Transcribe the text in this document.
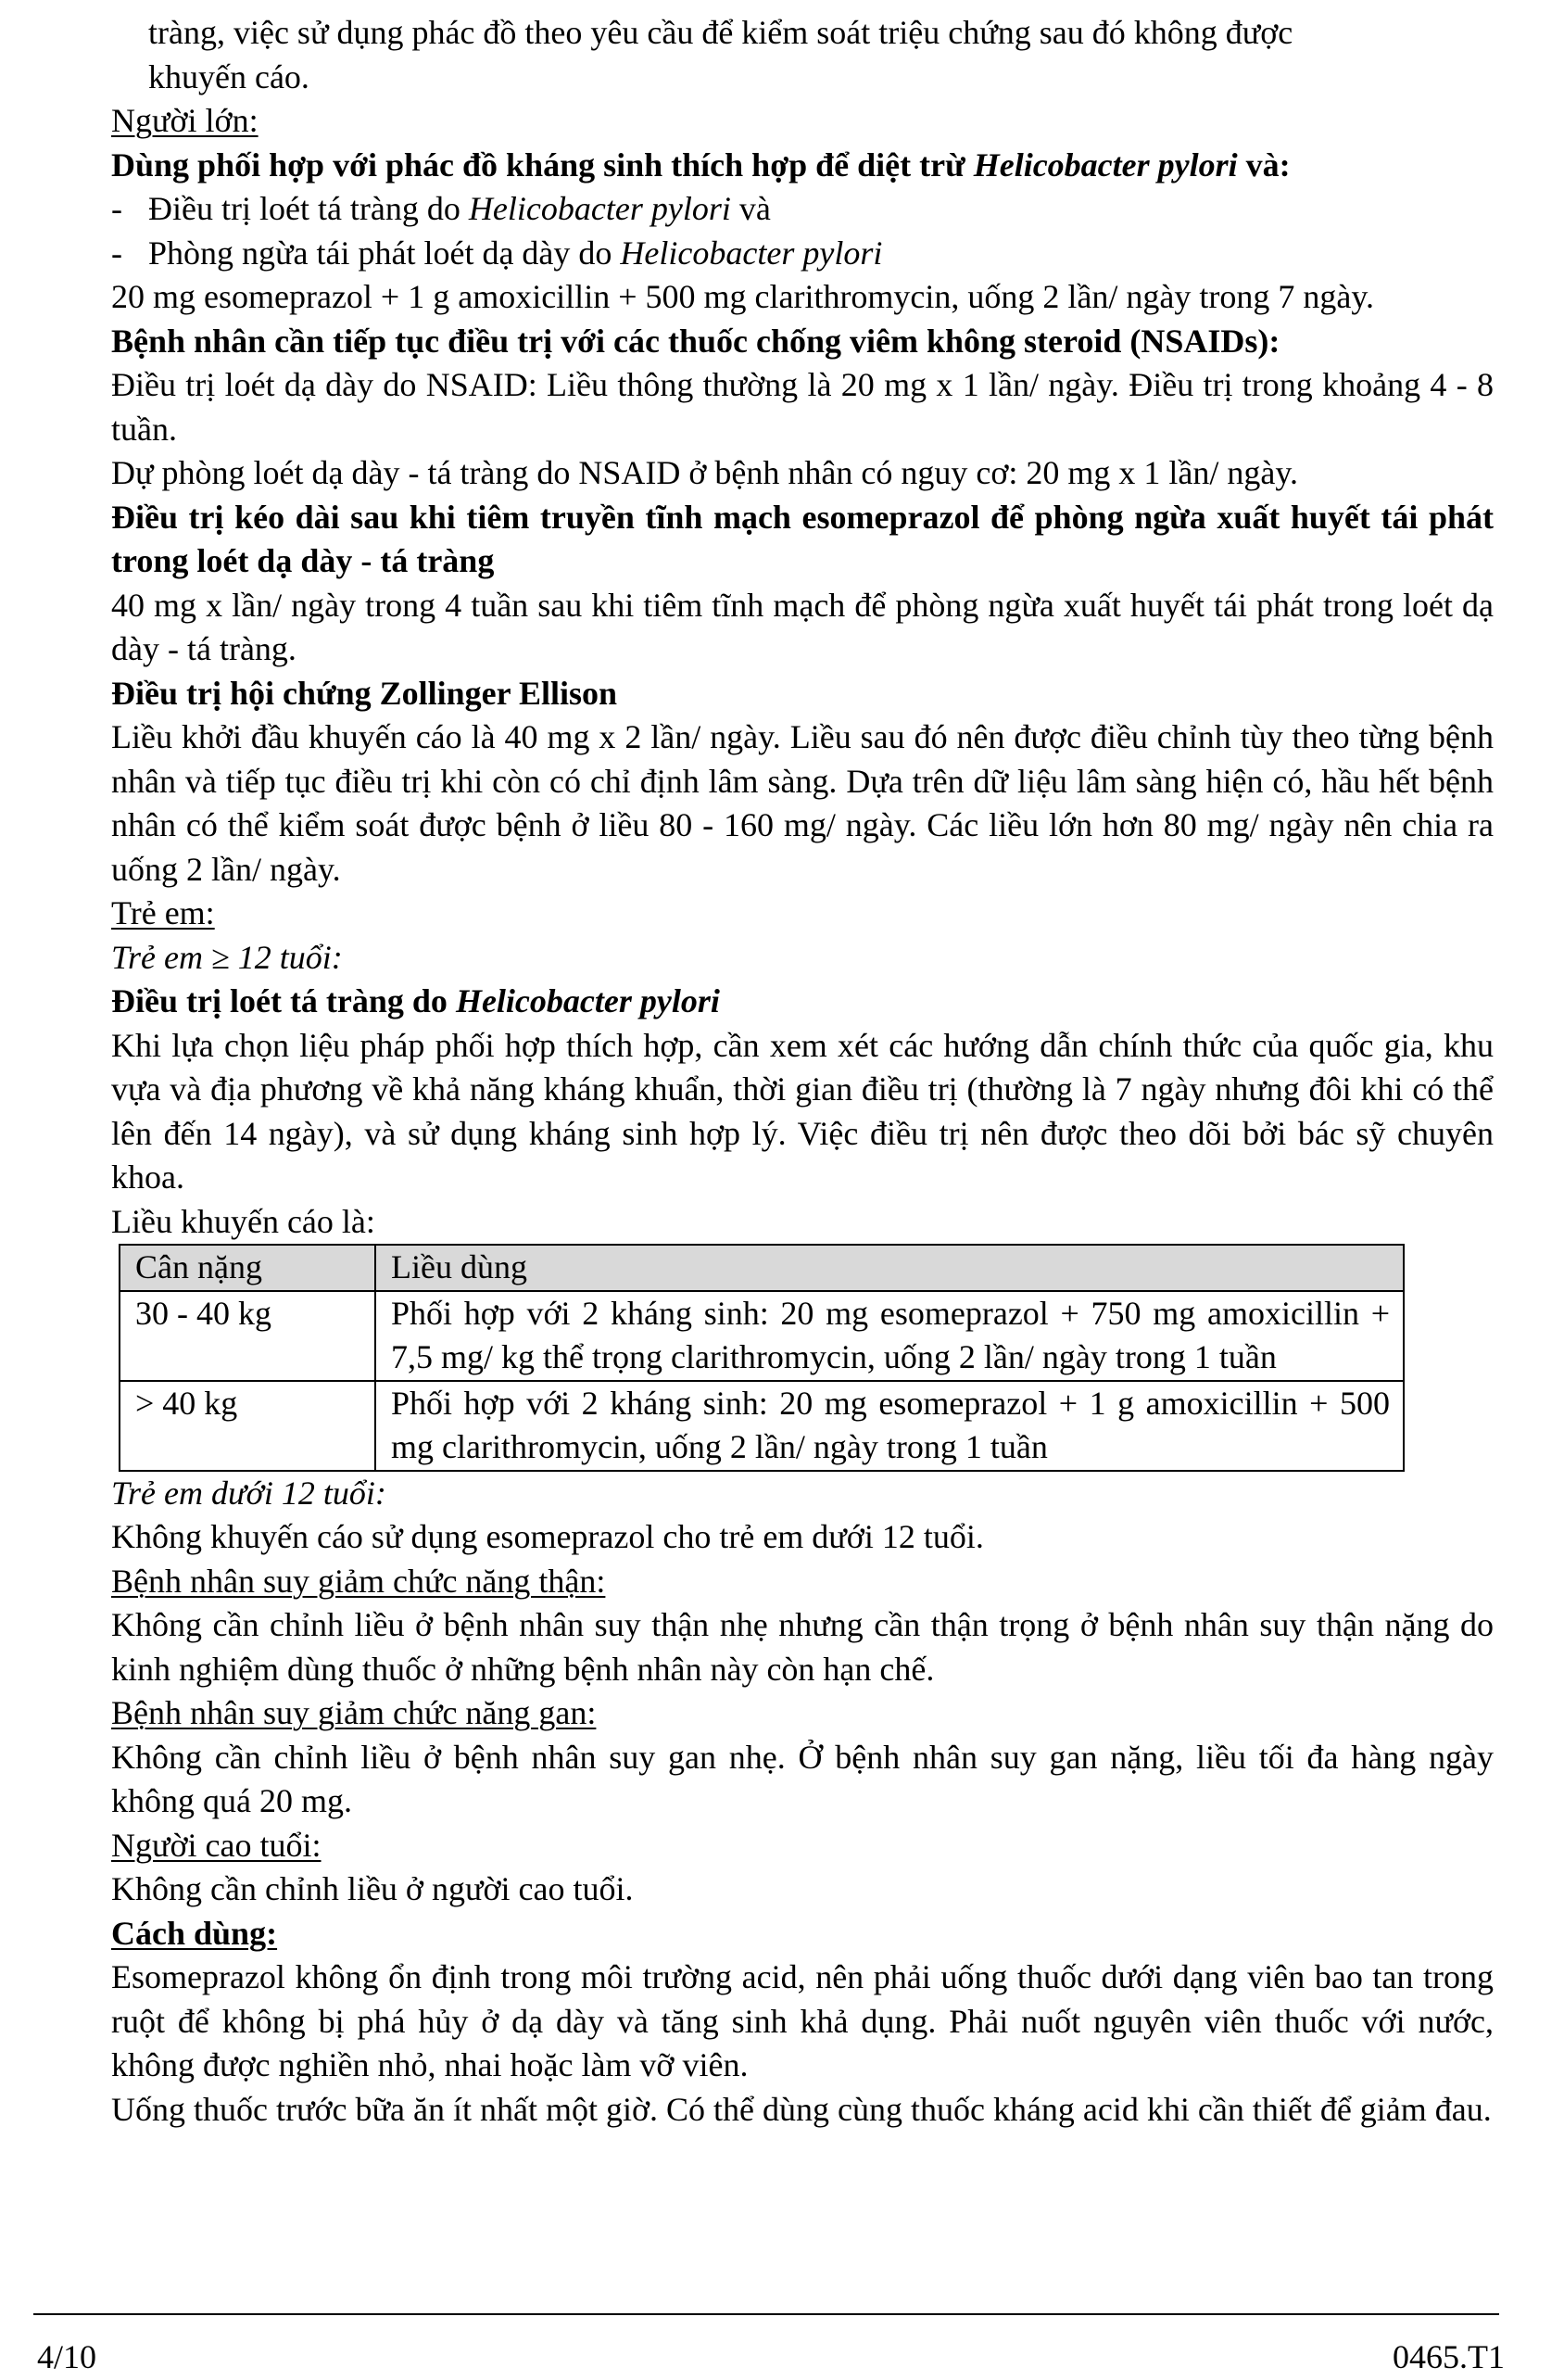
tràng, việc sử dụng phác đồ theo yêu cầu để kiểm soát triệu chứng sau đó không được
khuyến cáo.

Người lớn:

Dùng phối hợp với phác đồ kháng sinh thích hợp để diệt trừ Helicobacter pylori và:

- Điều trị loét tá tràng do Helicobacter pylori và
- Phòng ngừa tái phát loét dạ dày do Helicobacter pylori

20 mg esomeprazol + 1 g amoxicillin + 500 mg clarithromycin, uống 2 lần/ ngày trong 7 ngày.

Bệnh nhân cần tiếp tục điều trị với các thuốc chống viêm không steroid (NSAIDs):

Điều trị loét dạ dày do NSAID: Liều thông thường là 20 mg x 1 lần/ ngày. Điều trị trong khoảng 4 - 8 tuần.

Dự phòng loét dạ dày - tá tràng do NSAID ở bệnh nhân có nguy cơ: 20 mg x 1 lần/ ngày.

Điều trị kéo dài sau khi tiêm truyền tĩnh mạch esomeprazol để phòng ngừa xuất huyết tái phát trong loét dạ dày - tá tràng

40 mg x lần/ ngày trong 4 tuần sau khi tiêm tĩnh mạch để phòng ngừa xuất huyết tái phát trong loét dạ dày - tá tràng.

Điều trị hội chứng Zollinger Ellison

Liều khởi đầu khuyến cáo là 40 mg x 2 lần/ ngày. Liều sau đó nên được điều chỉnh tùy theo từng bệnh nhân và tiếp tục điều trị khi còn có chỉ định lâm sàng. Dựa trên dữ liệu lâm sàng hiện có, hầu hết bệnh nhân có thể kiểm soát được bệnh ở liều 80 - 160 mg/ ngày. Các liều lớn hơn 80 mg/ ngày nên chia ra uống 2 lần/ ngày.

Trẻ em:

Trẻ em ≥ 12 tuổi:

Điều trị loét tá tràng do Helicobacter pylori

Khi lựa chọn liệu pháp phối hợp thích hợp, cần xem xét các hướng dẫn chính thức của quốc gia, khu vựa và địa phương về khả năng kháng khuẩn, thời gian điều trị (thường là 7 ngày nhưng đôi khi có thể lên đến 14 ngày), và sử dụng kháng sinh hợp lý. Việc điều trị nên được theo dõi bởi bác sỹ chuyên khoa.

Liều khuyến cáo là:

Cân nặng	Liều dùng
30 - 40 kg	Phối hợp với 2 kháng sinh: 20 mg esomeprazol + 750 mg amoxicillin + 7,5 mg/ kg thể trọng clarithromycin, uống 2 lần/ ngày trong 1 tuần
> 40 kg	Phối hợp với 2 kháng sinh: 20 mg esomeprazol + 1 g amoxicillin + 500 mg clarithromycin, uống 2 lần/ ngày trong 1 tuần

Trẻ em dưới 12 tuổi:

Không khuyến cáo sử dụng esomeprazol cho trẻ em dưới 12 tuổi.

Bệnh nhân suy giảm chức năng thận:

Không cần chỉnh liều ở bệnh nhân suy thận nhẹ nhưng cần thận trọng ở bệnh nhân suy thận nặng do kinh nghiệm dùng thuốc ở những bệnh nhân này còn hạn chế.

Bệnh nhân suy giảm chức năng gan:

Không cần chỉnh liều ở bệnh nhân suy gan nhẹ. Ở bệnh nhân suy gan nặng, liều tối đa hàng ngày không quá 20 mg.

Người cao tuổi:

Không cần chỉnh liều ở người cao tuổi.

Cách dùng:

Esomeprazol không ổn định trong môi trường acid, nên phải uống thuốc dưới dạng viên bao tan trong ruột để không bị phá hủy ở dạ dày và tăng sinh khả dụng. Phải nuốt nguyên viên thuốc với nước, không được nghiền nhỏ, nhai hoặc làm vỡ viên.

Uống thuốc trước bữa ăn ít nhất một giờ. Có thể dùng cùng thuốc kháng acid khi cần thiết để giảm đau.

4/10	0465.T1
